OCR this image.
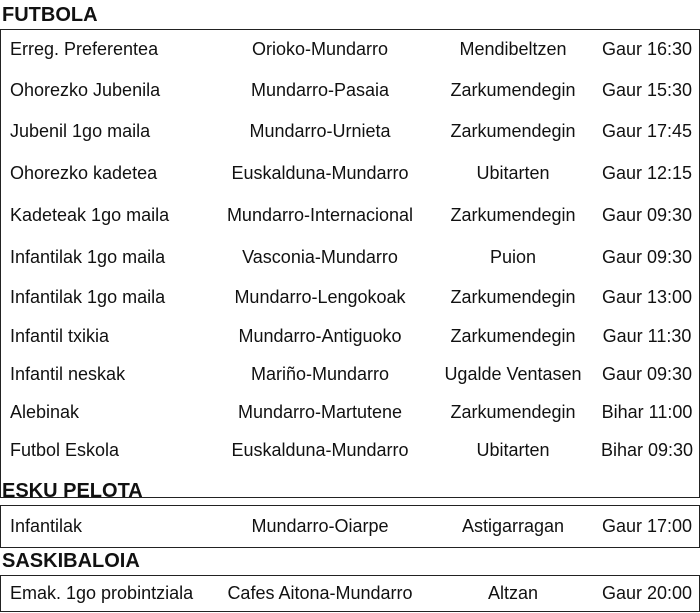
FUTBOLA
Erreg. Preferentea	Orioko-Mundarro	Mendibeltzen	Gaur 16:30
Ohorezko Jubenila	Mundarro-Pasaia	Zarkumendegin	Gaur 15:30
Jubenil 1go maila	Mundarro-Urnieta	Zarkumendegin	Gaur 17:45
Ohorezko kadetea	Euskalduna-Mundarro	Ubitarten	Gaur 12:15
Kadeteak 1go maila	Mundarro-Internacional	Zarkumendegin	Gaur 09:30
Infantilak 1go maila	Vasconia-Mundarro	Puion	Gaur 09:30
Infantilak 1go maila	Mundarro-Lengokoak	Zarkumendegin	Gaur 13:00
Infantil txikia	Mundarro-Antiguoko	Zarkumendegin	Gaur 11:30
Infantil neskak	Mariño-Mundarro	Ugalde Ventasen	Gaur 09:30
Alebinak	Mundarro-Martutene	Zarkumendegin	Bihar 11:00
Futbol Eskola	Euskalduna-Mundarro	Ubitarten	Bihar 09:30
ESKU PELOTA
Infantilak	Mundarro-Oiarpe	Astigarragan	Gaur 17:00
SASKIBALOIA
Emak. 1go probintziala	Cafes Aitona-Mundarro	Altzan	Gaur 20:00
